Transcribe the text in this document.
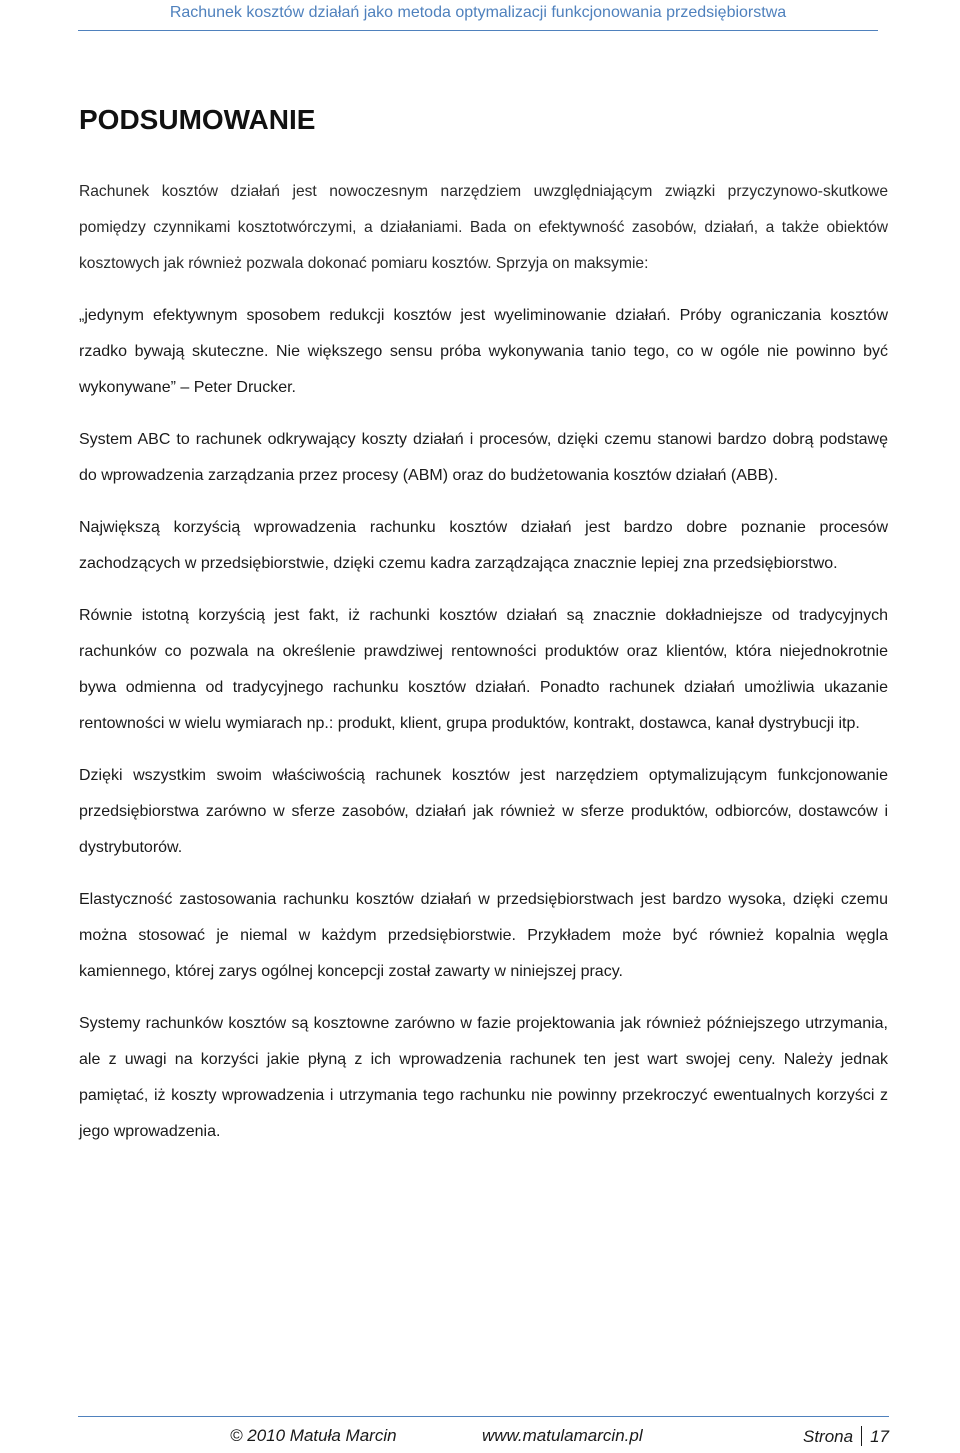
Rachunek kosztów działań jako metoda optymalizacji funkcjonowania przedsiębiorstwa
PODSUMOWANIE

Rachunek kosztów działań jest nowoczesnym narzędziem uwzględniającym związki przyczynowo-skutkowe pomiędzy czynnikami kosztotwórczymi, a działaniami. Bada on efektywność zasobów, działań, a także obiektów kosztowych jak również pozwala dokonać pomiaru kosztów. Sprzyja on maksymie:

„jedynym efektywnym sposobem redukcji kosztów jest wyeliminowanie działań. Próby ograniczania kosztów rzadko bywają skuteczne. Nie większego sensu próba wykonywania tanio tego, co w ogóle nie powinno być wykonywane” – Peter Drucker.

System ABC to rachunek odkrywający koszty działań i procesów, dzięki czemu stanowi bardzo dobrą podstawę do wprowadzenia zarządzania przez procesy (ABM) oraz do budżetowania kosztów działań (ABB).

Największą korzyścią wprowadzenia rachunku kosztów działań jest bardzo dobre poznanie procesów zachodzących w przedsiębiorstwie, dzięki czemu kadra zarządzająca znacznie lepiej zna przedsiębiorstwo.

Równie istotną korzyścią jest fakt, iż rachunki kosztów działań są znacznie dokładniejsze od tradycyjnych rachunków co pozwala na określenie prawdziwej rentowności produktów oraz klientów, która niejednokrotnie bywa odmienna od tradycyjnego rachunku kosztów działań. Ponadto rachunek działań umożliwia ukazanie rentowności w wielu wymiarach np.: produkt, klient, grupa produktów, kontrakt, dostawca, kanał dystrybucji itp.

Dzięki wszystkim swoim właściwością rachunek kosztów jest narzędziem optymalizującym funkcjonowanie przedsiębiorstwa zarówno w sferze zasobów, działań jak również w sferze produktów, odbiorców, dostawców i dystrybutorów.

Elastyczność zastosowania rachunku kosztów działań w przedsiębiorstwach jest bardzo wysoka, dzięki czemu można stosować je niemal w każdym przedsiębiorstwie. Przykładem może być również kopalnia węgla kamiennego, której zarys ogólnej koncepcji został zawarty w niniejszej pracy.

Systemy rachunków kosztów są kosztowne zarówno w fazie projektowania jak również późniejszego utrzymania, ale z uwagi na korzyści jakie płyną z ich wprowadzenia rachunek ten jest wart swojej ceny. Należy jednak pamiętać, iż koszty wprowadzenia i utrzymania tego rachunku nie powinny przekroczyć ewentualnych korzyści z jego wprowadzenia.

© 2010 Matuła Marcin	www.matulamarcin.pl	Strona 17
